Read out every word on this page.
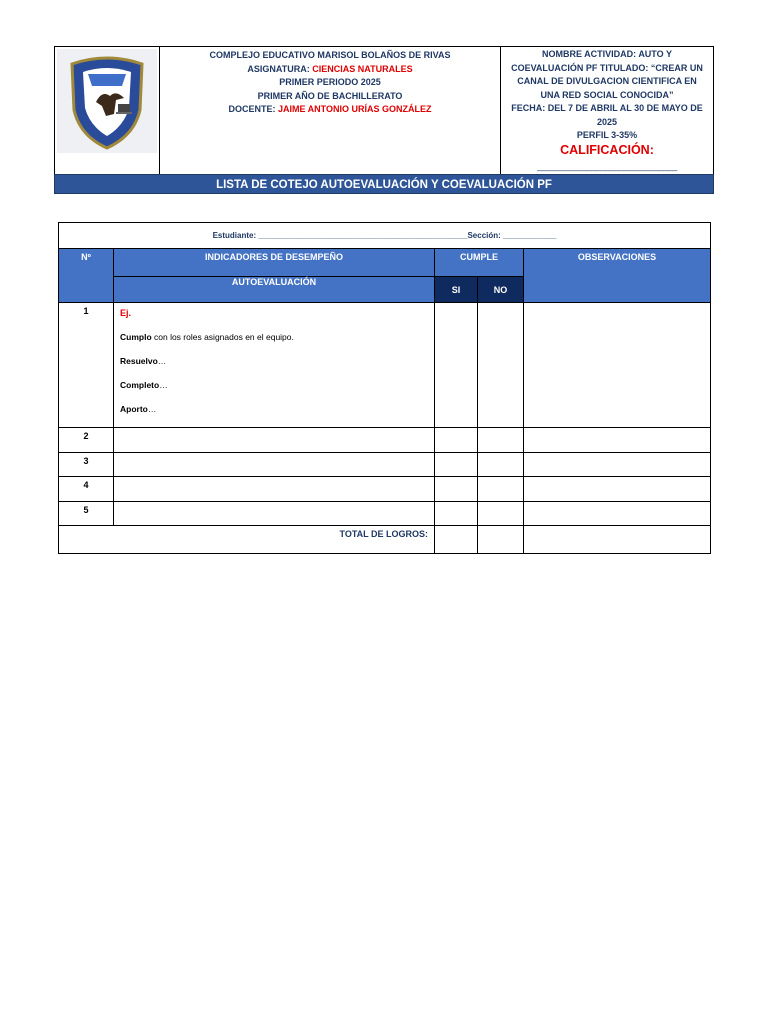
COMPLEJO EDUCATIVO MARISOL BOLAÑOS DE RIVAS
ASIGNATURA: CIENCIAS NATURALES
PRIMER PERIODO 2025
PRIMER AÑO DE BACHILLERATO
DOCENTE: JAIME ANTONIO URÍAS GONZÁLEZ

NOMBRE ACTIVIDAD: AUTO Y COEVALUACIÓN PF TITULADO: “CREAR UN CANAL DE DIVULGACION CIENTIFICA EN UNA RED SOCIAL CONOCIDA”
FECHA: DEL 7 DE ABRIL AL 30 DE MAYO DE 2025
PERFIL 3-35%
CALIFICACIÓN:
_______________________________
LISTA DE COTEJO AUTOEVALUACIÓN Y COEVALUACIÓN PF
Estudiante: _______________________________________________Sección: ____________				
Nº	INDICADORES DE DESEMPEÑO	CUMPLE		OBSERVACIONES
	AUTOEVALUACIÓN	SI	NO	
1	Ej.

Cumplo con los roles asignados en el equipo.

Resuelvo…

Completo…

Aporto…			

2				
3				
4				
5				
TOTAL DE LOGROS:				
